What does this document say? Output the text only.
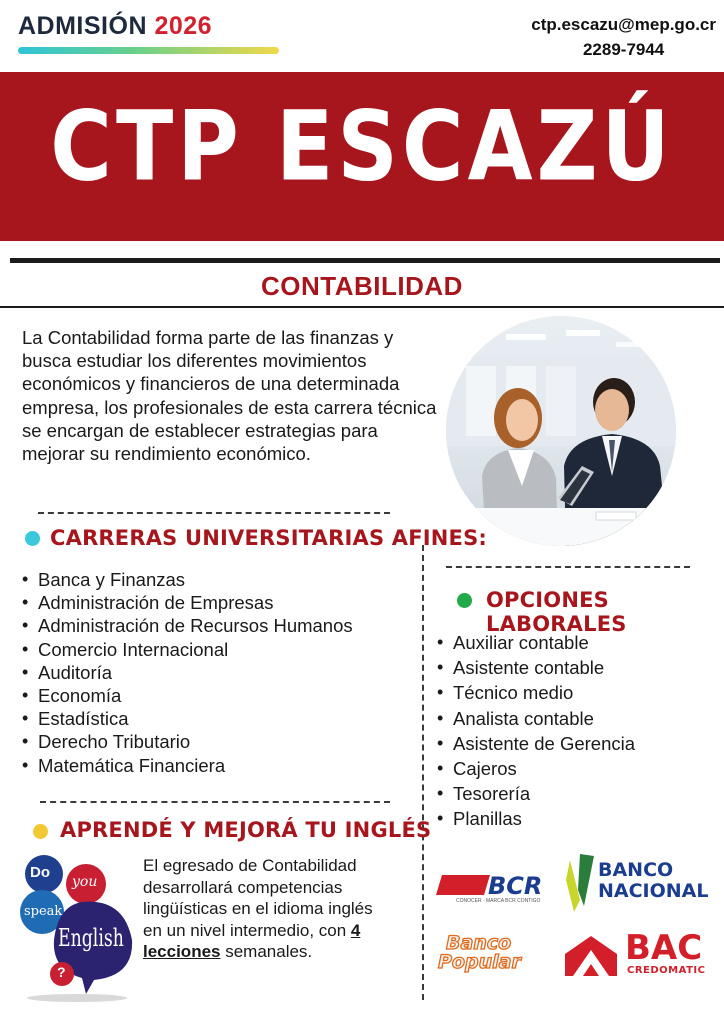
ADMISIÓN 2026	ctp.escazu@mep.go.cr
2289-7944
CTP ESCAZÚ
CONTABILIDAD

La Contabilidad forma parte de las finanzas y busca estudiar los diferentes movimientos económicos y financieros de una determinada empresa, los profesionales de esta carrera técnica se encargan de establecer estrategias para mejorar su rendimiento económico.

CARRERAS UNIVERSITARIAS AFINES:
• Banca y Finanzas
• Administración de Empresas
• Administración de Recursos Humanos
• Comercio Internacional
• Auditoría
• Economía
• Estadística
• Derecho Tributario
• Matemática Financiera
OPCIONES LABORALES
• Auxiliar contable
• Asistente contable
• Técnico medio
• Analista contable
• Asistente de Gerencia
• Cajeros
• Tesorería
• Planillas
APRENDÉ Y MEJORÁ TU INGLÉS
Do
you
speak
English
?

El egresado de Contabilidad desarrollará competencias lingüísticas en el idioma inglés en un nivel intermedio, con 4 lecciones semanales.

BCR
CONOCER · MARCA BCR CONTIGO
BANCO
NACIONAL
Banco
Popular	BAC
CREDOMATIC
